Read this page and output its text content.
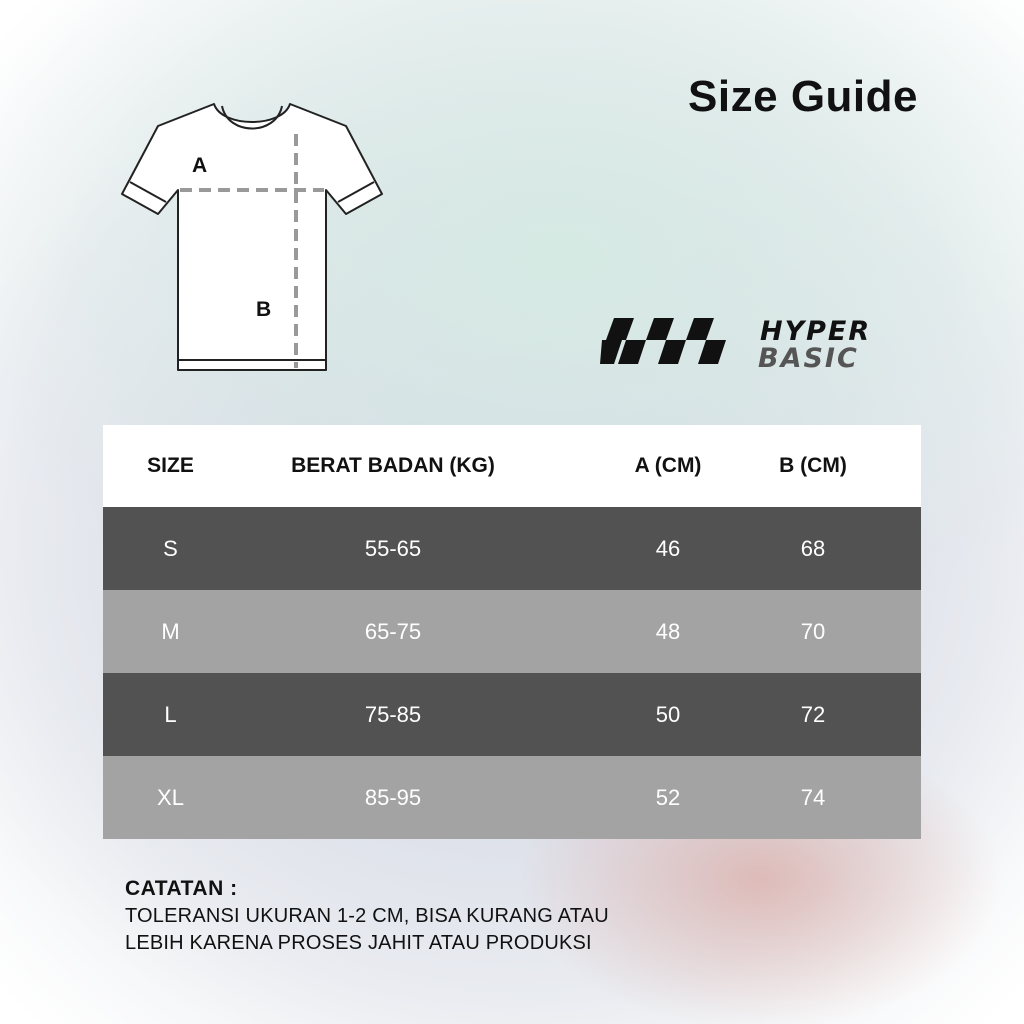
Size Guide
A
B
HYPER
BASIC
SIZE	BERAT BADAN (KG)	A (CM)	B (CM)
S	55-65	46	68
M	65-75	48	70
L	75-85	50	72
XL	85-95	52	74
CATATAN :
TOLERANSI UKURAN 1-2 CM, BISA KURANG ATAU
LEBIH KARENA PROSES JAHIT ATAU PRODUKSI
